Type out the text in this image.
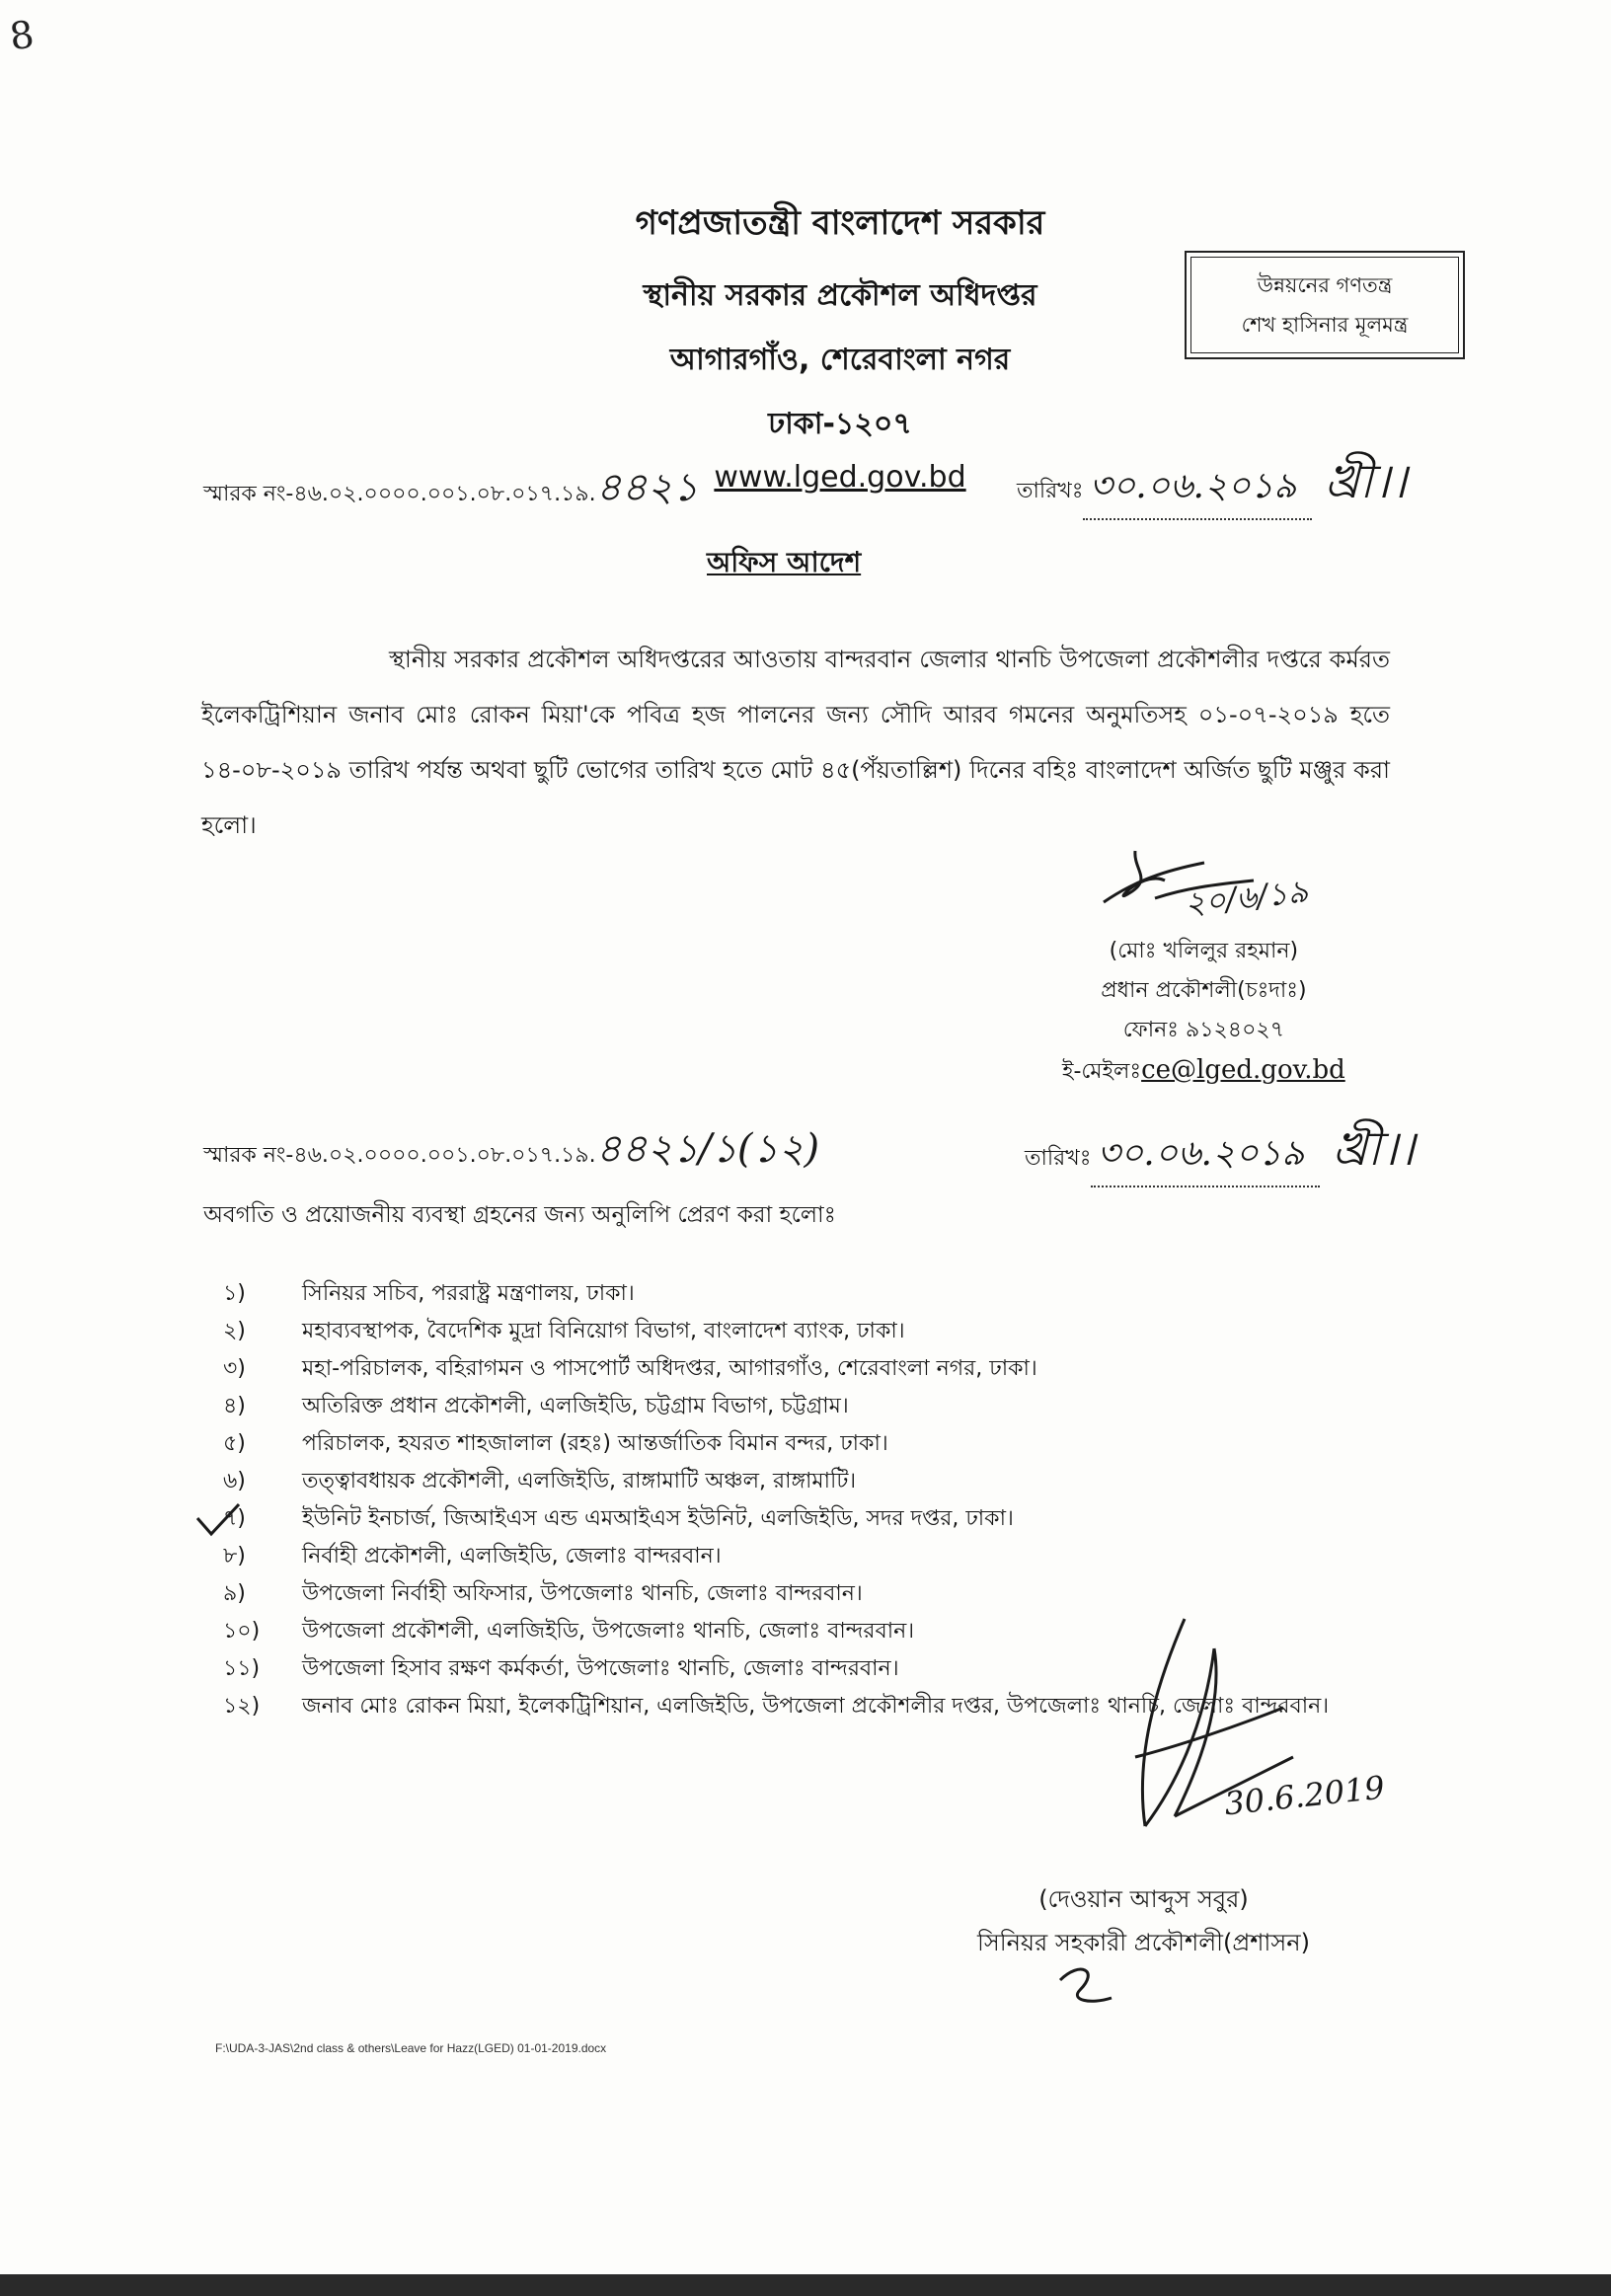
8
গণপ্রজাতন্ত্রী বাংলাদেশ সরকার
স্থানীয় সরকার প্রকৌশল অধিদপ্তর
আগারগাঁও, শেরেবাংলা নগর
ঢাকা-১২০৭
www.lged.gov.bd
উন্নয়নের গণতন্ত্র
শেখ হাসিনার মূলমন্ত্র
স্মারক নং-৪৬.০২.০০০০.০০১.০৮.০১৭.১৯.৪৪২১	তারিখঃ ৩০.০৬.২০১৯ খ্রী।।
অফিস আদেশ
স্থানীয় সরকার প্রকৌশল অধিদপ্তরের আওতায় বান্দরবান জেলার থানচি উপজেলা প্রকৌশলীর দপ্তরে কর্মরত ইলেকট্রিশিয়ান জনাব মোঃ রোকন মিয়া'কে পবিত্র হজ পালনের জন্য সৌদি আরব গমনের অনুমতিসহ ০১-০৭-২০১৯ হতে ১৪-০৮-২০১৯ তারিখ পর্যন্ত অথবা ছুটি ভোগের তারিখ হতে মোট ৪৫(পঁয়তাল্লিশ) দিনের বহিঃ বাংলাদেশ অর্জিত ছুটি মঞ্জুর করা হলো।
২০/৬/১৯
(মোঃ খলিলুর রহমান)
প্রধান প্রকৌশলী(চঃদাঃ)
ফোনঃ ৯১২৪০২৭
ই-মেইলঃce@lged.gov.bd
স্মারক নং-৪৬.০২.০০০০.০০১.০৮.০১৭.১৯.৪৪২১/১(১২)	তারিখঃ ৩০.০৬.২০১৯ খ্রী।।
অবগতি ও প্রয়োজনীয় ব্যবস্থা গ্রহনের জন্য অনুলিপি প্রেরণ করা হলোঃ
১)	সিনিয়র সচিব, পররাষ্ট্র মন্ত্রণালয়, ঢাকা।
২)	মহাব্যবস্থাপক, বৈদেশিক মুদ্রা বিনিয়োগ বিভাগ, বাংলাদেশ ব্যাংক, ঢাকা।
৩)	মহা-পরিচালক, বহিরাগমন ও পাসপোর্ট অধিদপ্তর, আগারগাঁও, শেরেবাংলা নগর, ঢাকা।
৪)	অতিরিক্ত প্রধান প্রকৌশলী, এলজিইডি, চট্টগ্রাম বিভাগ, চট্টগ্রাম।
৫)	পরিচালক, হযরত শাহজালাল (রহঃ) আন্তর্জাতিক বিমান বন্দর, ঢাকা।
৬)	তত্ত্বাবধায়ক প্রকৌশলী, এলজিইডি, রাঙ্গামাটি অঞ্চল, রাঙ্গামাটি।
৭)	ইউনিট ইনচার্জ, জিআইএস এন্ড এমআইএস ইউনিট, এলজিইডি, সদর দপ্তর, ঢাকা।
৮)	নির্বাহী প্রকৌশলী, এলজিইডি, জেলাঃ বান্দরবান।
৯)	উপজেলা নির্বাহী অফিসার, উপজেলাঃ থানচি, জেলাঃ বান্দরবান।
১০)	উপজেলা প্রকৌশলী, এলজিইডি, উপজেলাঃ থানচি, জেলাঃ বান্দরবান।
১১)	উপজেলা হিসাব রক্ষণ কর্মকর্তা, উপজেলাঃ থানচি, জেলাঃ বান্দরবান।
১২)	জনাব মোঃ রোকন মিয়া, ইলেকট্রিশিয়ান, এলজিইডি, উপজেলা প্রকৌশলীর দপ্তর, উপজেলাঃ থানচি, জেলাঃ বান্দরবান।
30.6.2019
(দেওয়ান আব্দুস সবুর)
সিনিয়র সহকারী প্রকৌশলী(প্রশাসন)
F:\UDA-3-JAS\2nd class & others\Leave for Hazz(LGED) 01-01-2019.docx
